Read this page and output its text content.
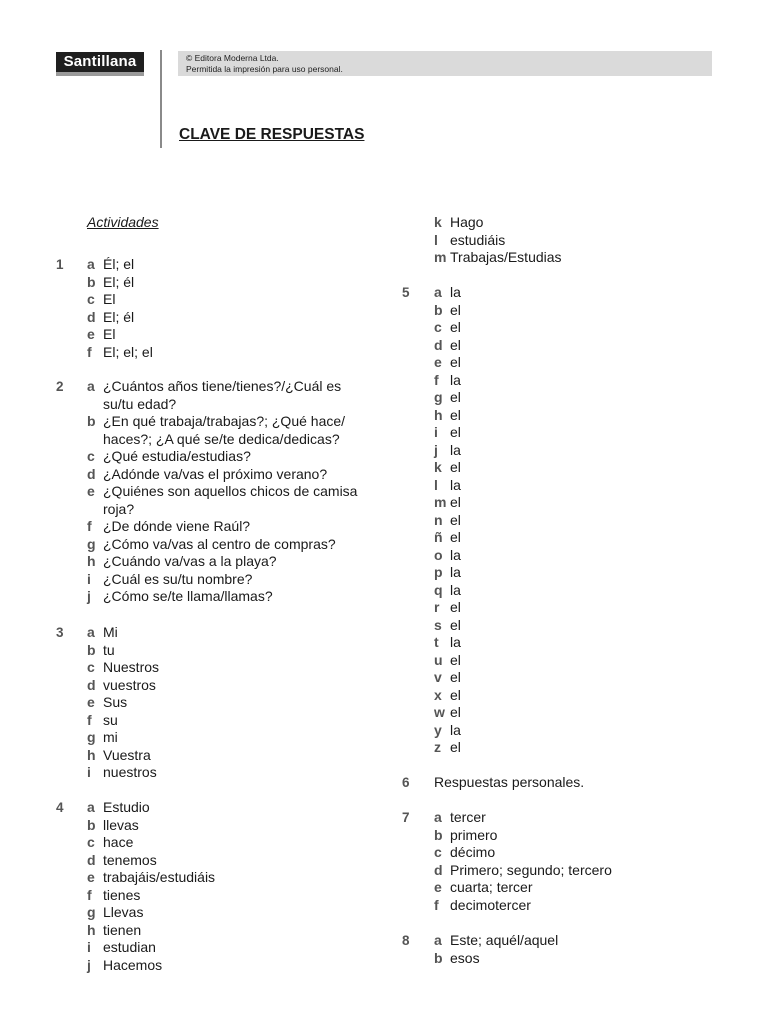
Santillana	© Editora Moderna Ltda.
Permitida la impresión para uso personal.
CLAVE DE RESPUESTAS
Actividades
1 a Él; el
b El; él
c El
d El; él
e El
f El; el; el
2 a ¿Cuántos años tiene/tienes?/¿Cuál es
su/tu edad?
b ¿En qué trabaja/trabajas?; ¿Qué hace/
haces?; ¿A qué se/te dedica/dedicas?
c ¿Qué estudia/estudias?
d ¿Adónde va/vas el próximo verano?
e ¿Quiénes son aquellos chicos de camisa
roja?
f ¿De dónde viene Raúl?
g ¿Cómo va/vas al centro de compras?
h ¿Cuándo va/vas a la playa?
i ¿Cuál es su/tu nombre?
j ¿Cómo se/te llama/llamas?
3 a Mi
b tu
c Nuestros
d vuestros
e Sus
f su
g mi
h Vuestra
i nuestros
4 a Estudio
b llevas
c hace
d tenemos
e trabajáis/estudiáis
f tienes
g Llevas
h tienen
i estudian
j Hacemos
k Hago
l estudiáis
m Trabajas/Estudias
5 a la
b el
c el
d el
e el
f la
g el
h el
i el
j la
k el
l la
m el
n el
ñ el
o la
p la
q la
r el
s el
t la
u el
v el
x el
w el
y la
z el
6 Respuestas personales.
7 a tercer
b primero
c décimo
d Primero; segundo; tercero
e cuarta; tercer
f decimotercer
8 a Este; aquél/aquel
b esos
